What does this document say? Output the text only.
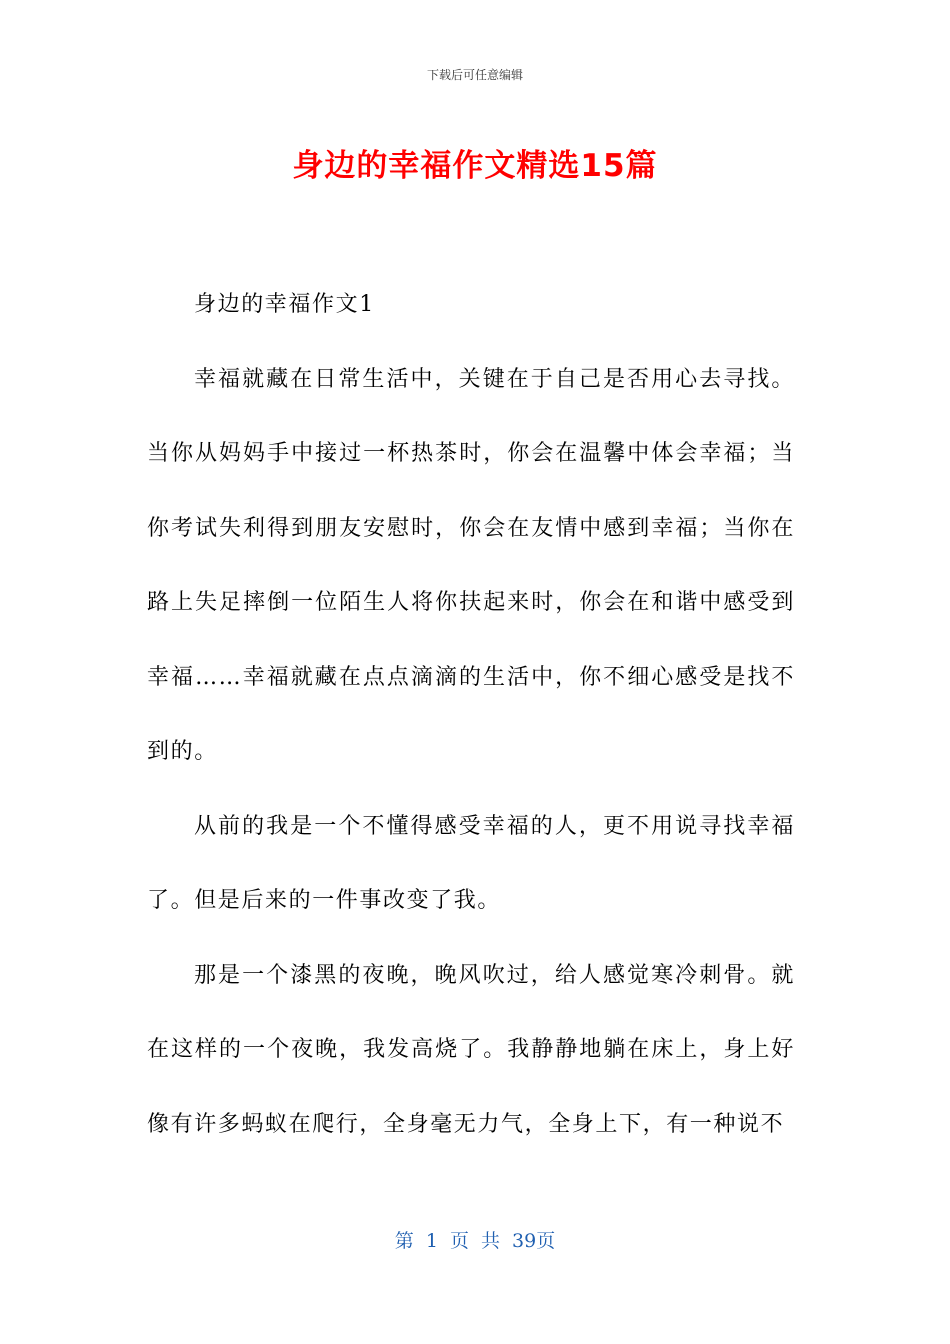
下载后可任意编辑
身边的幸福作文精选15篇

身边的幸福作文1

幸福就藏在日常生活中，关键在于自己是否用心去寻找。当你从妈妈手中接过一杯热茶时，你会在温馨中体会幸福；当你考试失利得到朋友安慰时，你会在友情中感到幸福；当你在路上失足摔倒一位陌生人将你扶起来时，你会在和谐中感受到幸福……幸福就藏在点点滴滴的生活中，你不细心感受是找不到的。

从前的我是一个不懂得感受幸福的人，更不用说寻找幸福了。但是后来的一件事改变了我。

那是一个漆黑的夜晚，晚风吹过，给人感觉寒冷刺骨。就在这样的一个夜晚，我发高烧了。我静静地躺在床上，身上好像有许多蚂蚁在爬行，全身毫无力气，全身上下，有一种说不

第 1 页 共 39页
